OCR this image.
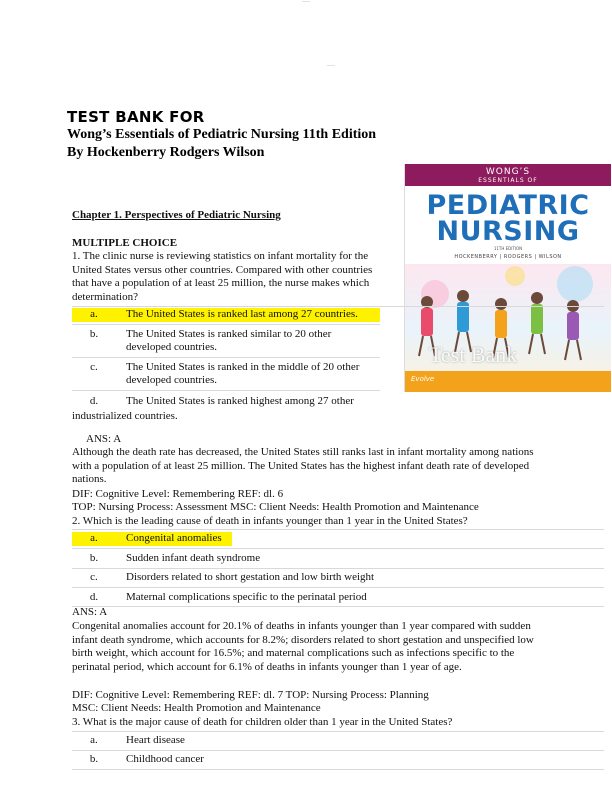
—
—
TEST BANK FOR
Wong’s Essentials of Pediatric Nursing 11th Edition
By Hockenberry Rodgers Wilson
WONG’S
ESSENTIALS OF
PEDIATRIC
NURSING
11TH EDITION
HOCKENBERRY | RODGERS | WILSON
Evolve
Test Bank
Chapter 1. Perspectives of Pediatric Nursing
MULTIPLE CHOICE
1. The clinic nurse is reviewing statistics on infant mortality for the United States versus other countries. Compared with other countries that have a population of at least 25 million, the nurse makes which determination?
a.	The United States is ranked last among 27 countries.
b.	The United States is ranked similar to 20 other
developed countries.
c.	The United States is ranked in the middle of 20 other
developed countries.
d.	The United States is ranked highest among 27 other
industrialized countries.
ANS: A
Although the death rate has decreased, the United States still ranks last in infant mortality among nations with a population of at least 25 million. The United States has the highest infant death rate of developed nations.
DIF: Cognitive Level: Remembering REF: dl. 6
TOP: Nursing Process: Assessment MSC: Client Needs: Health Promotion and Maintenance
2. Which is the leading cause of death in infants younger than 1 year in the United States?
a.	Congenital anomalies
b.	Sudden infant death syndrome
c.	Disorders related to short gestation and low birth weight
d.	Maternal complications specific to the perinatal period
ANS: A
Congenital anomalies account for 20.1% of deaths in infants younger than 1 year compared with sudden infant death syndrome, which accounts for 8.2%; disorders related to short gestation and unspecified low birth weight, which account for 16.5%; and maternal complications such as infections specific to the perinatal period, which account for 6.1% of deaths in infants younger than 1 year of age.
DIF: Cognitive Level: Remembering REF: dl. 7 TOP: Nursing Process: Planning
MSC: Client Needs: Health Promotion and Maintenance
3. What is the major cause of death for children older than 1 year in the United States?
a.	Heart disease
b.	Childhood cancer
